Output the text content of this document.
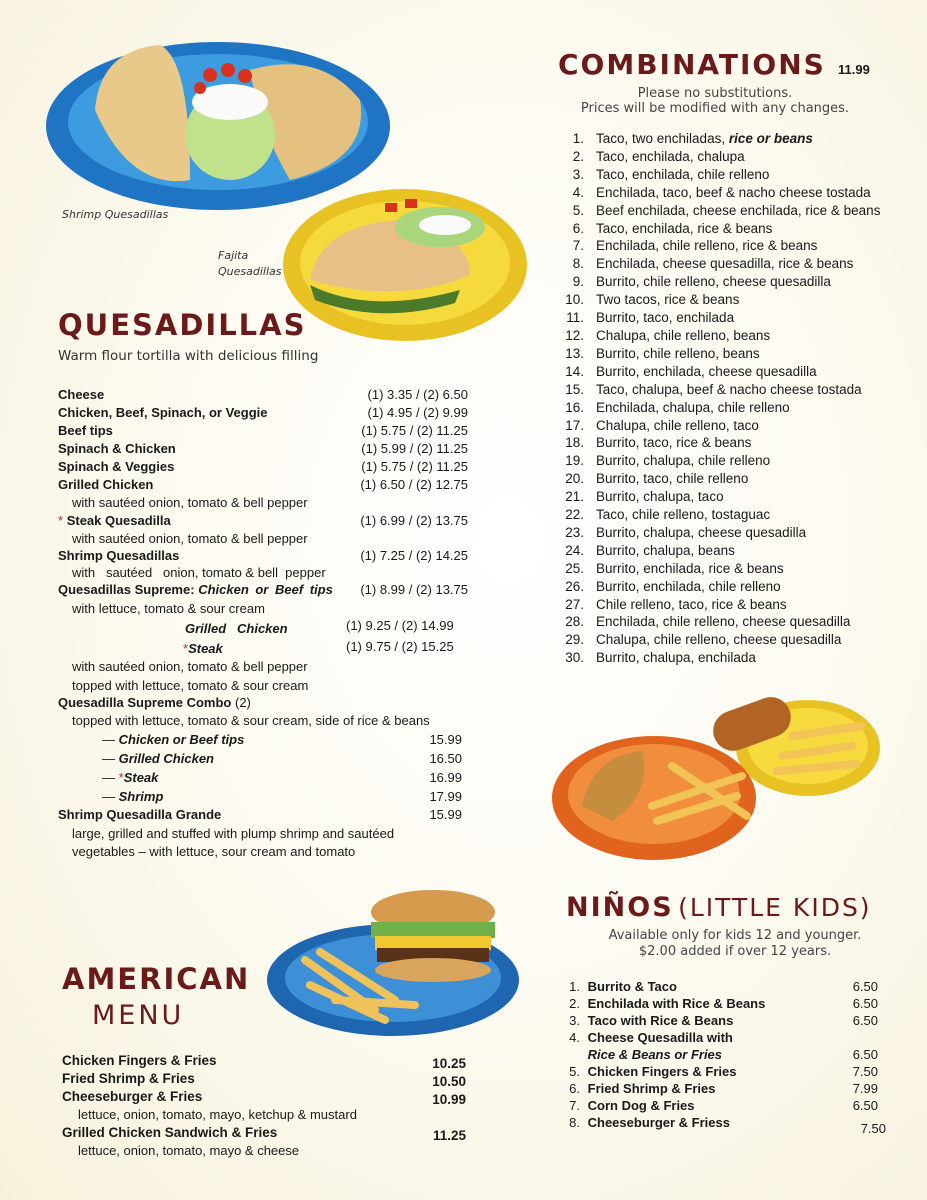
Shrimp Quesadillas
Fajita Quesadillas
QUESADILLAS
Warm flour tortilla with delicious filling
Cheese	(1) 3.35 / (2) 6.50
Chicken, Beef, Spinach, or Veggie	(1) 4.95 / (2) 9.99
Beef tips	(1) 5.75 / (2) 11.25
Spinach & Chicken	(1) 5.99 / (2) 11.25
Spinach & Veggies	(1) 5.75 / (2) 11.25
Grilled Chicken	(1) 6.50 / (2) 12.75
with sautéed onion, tomato & bell pepper
* Steak Quesadilla	(1) 6.99 / (2) 13.75
with sautéed onion, tomato & bell pepper
Shrimp Quesadillas	(1) 7.25 / (2) 14.25
with   sautéed   onion, tomato & bell  pepper
Quesadillas Supreme: Chicken or Beef tips (1) 8.99 / (2) 13.75
with lettuce, tomato & sour cream
Grilled   Chicken	(1) 9.25 / (2) 14.99
*Steak	(1) 9.75 / (2) 15.25
with sautéed onion, tomato & bell pepper
topped with lettuce, tomato & sour cream
Quesadilla Supreme Combo (2)
topped with lettuce, tomato & sour cream, side of rice & beans
— Chicken or Beef tips	15.99
— Grilled Chicken	16.50
— *Steak	16.99
— Shrimp	17.99
Shrimp Quesadilla Grande	15.99
large, grilled and stuffed with plump shrimp and sautéed
vegetables – with lettuce, sour cream and tomato
COMBINATIONS 11.99
Please no substitutions.
Prices will be modified with any changes.
1. Taco, two enchiladas, rice or beans
2. Taco, enchilada, chalupa
3. Taco, enchilada, chile relleno
4. Enchilada, taco, beef & nacho cheese tostada
5. Beef enchilada, cheese enchilada, rice & beans
6. Taco, enchilada, rice & beans
7. Enchilada, chile relleno, rice & beans
8. Enchilada, cheese quesadilla, rice & beans
9. Burrito, chile relleno, cheese quesadilla
10. Two tacos, rice & beans
11. Burrito, taco, enchilada
12. Chalupa, chile relleno, beans
13. Burrito, chile relleno, beans
14. Burrito, enchilada, cheese quesadilla
15. Taco, chalupa, beef & nacho cheese tostada
16. Enchilada, chalupa, chile relleno
17. Chalupa, chile relleno, taco
18. Burrito, taco, rice & beans
19. Burrito, chalupa, chile relleno
20. Burrito, taco, chile relleno
21. Burrito, chalupa, taco
22. Taco, chile relleno, tostaguac
23. Burrito, chalupa, cheese quesadilla
24. Burrito, chalupa, beans
25. Burrito, enchilada, rice & beans
26. Burrito, enchilada, chile relleno
27. Chile relleno, taco, rice & beans
28. Enchilada, chile relleno, cheese quesadilla
29. Chalupa, chile relleno, cheese quesadilla
30. Burrito, chalupa, enchilada
NIÑOS (LITTLE KIDS)
Available only for kids 12 and younger.
$2.00 added if over 12 years.
1. Burrito & Taco	6.50
2. Enchilada with Rice & Beans	6.50
3. Taco with Rice & Beans	6.50
4. Cheese Quesadilla with
Rice & Beans or Fries	6.50
5. Chicken Fingers & Fries	7.50
6. Fried Shrimp & Fries	7.99
7. Corn Dog & Fries	6.50
8. Cheeseburger & Friess	7.50
AMERICAN
MENU
Chicken Fingers & Fries	10.25
Fried Shrimp & Fries	10.50
Cheeseburger & Fries	10.99
lettuce, onion, tomato, mayo, ketchup & mustard
Grilled Chicken Sandwich & Fries	11.25
lettuce, onion, tomato, mayo & cheese
